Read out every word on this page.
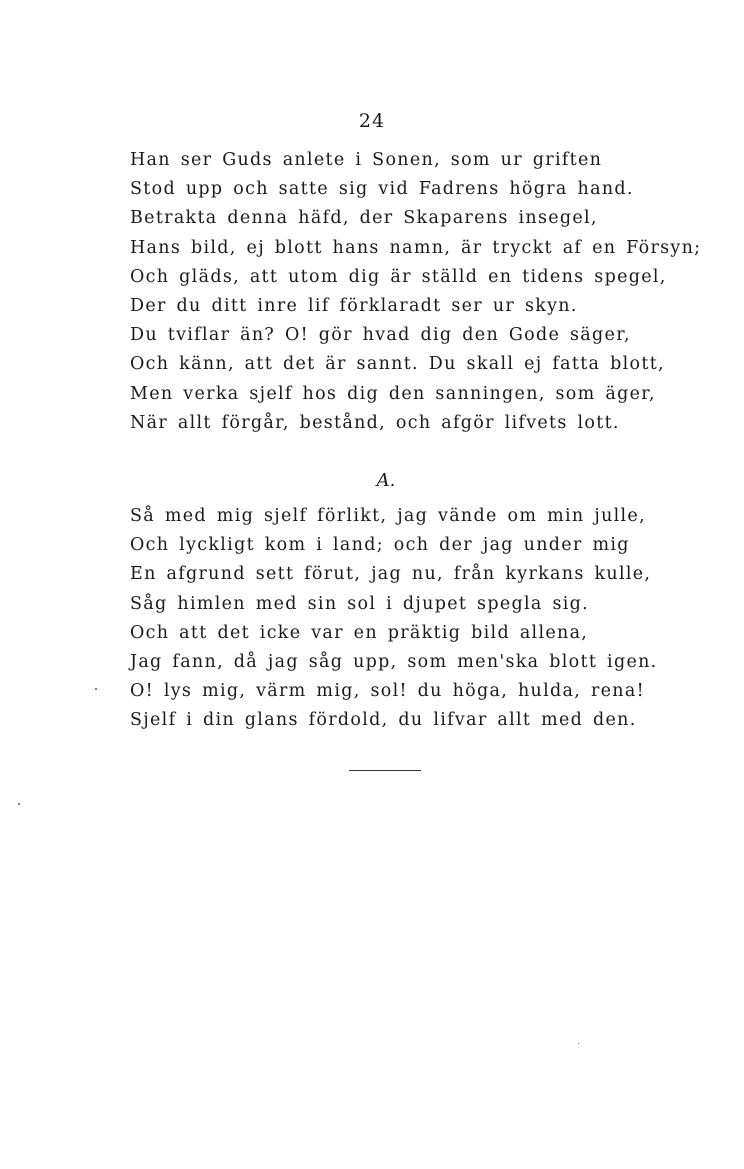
24
Han ser Guds anlete i Sonen, som ur griften
Stod upp och satte sig vid Fadrens högra hand.
Betrakta denna häfd, der Skaparens insegel,
Hans bild, ej blott hans namn, är tryckt af en Försyn;
Och gläds, att utom dig är ställd en tidens spegel,
Der du ditt inre lif förklaradt ser ur skyn.
Du tviflar än? O! gör hvad dig den Gode säger,
Och känn, att det är sannt. Du skall ej fatta blott,
Men verka sjelf hos dig den sanningen, som äger,
När allt förgår, bestånd, och afgör lifvets lott.
A.
Så med mig sjelf förlikt, jag vände om min julle,
Och lyckligt kom i land; och der jag under mig
En afgrund sett förut, jag nu, från kyrkans kulle,
Såg himlen med sin sol i djupet spegla sig.
Och att det icke var en präktig bild allena,
Jag fann, då jag såg upp, som men'ska blott igen.
O! lys mig, värm mig, sol! du höga, hulda, rena!
Sjelf i din glans fördold, du lifvar allt med den.
